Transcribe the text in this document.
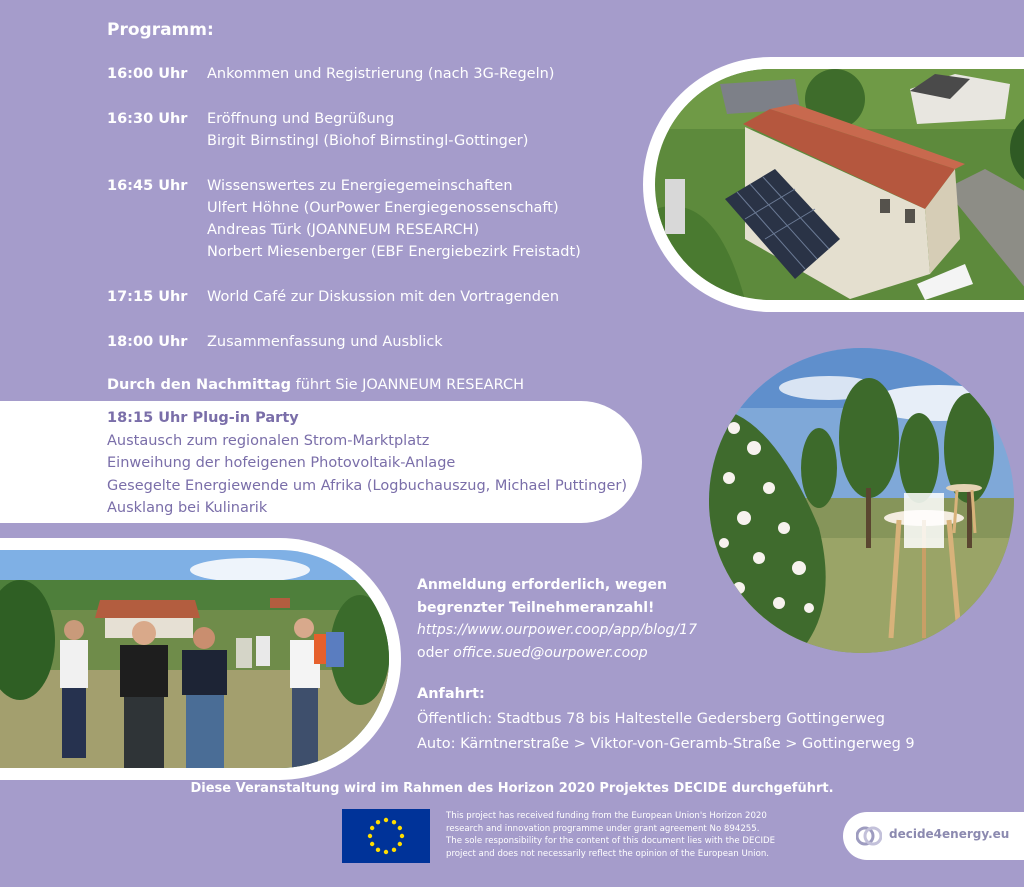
Programm:
16:00 Uhr	Ankommen und Registrierung (nach 3G-Regeln)
16:30 Uhr	Eröffnung und Begrüßung
Birgit Birnstingl (Biohof Birnstingl-Gottinger)
16:45 Uhr	Wissenswertes zu Energiegemeinschaften
Ulfert Höhne (OurPower Energiegenossenschaft)
Andreas Türk (JOANNEUM RESEARCH)
Norbert Miesenberger (EBF Energiebezirk Freistadt)
17:15 Uhr	World Café zur Diskussion mit den Vortragenden
18:00 Uhr	Zusammenfassung und Ausblick
Durch den Nachmittag führt Sie JOANNEUM RESEARCH
18:15 Uhr Plug-in Party
Austausch zum regionalen Strom-Marktplatz
Einweihung der hofeigenen Photovoltaik-Anlage
Gesegelte Energiewende um Afrika (Logbuchauszug, Michael Puttinger)
Ausklang bei Kulinarik
Anmeldung erforderlich, wegen
begrenzter Teilnehmeranzahl!
https://www.ourpower.coop/app/blog/17
oder office.sued@ourpower.coop
Anfahrt:
Öffentlich: Stadtbus 78 bis Haltestelle Gedersberg Gottingerweg
Auto: Kärntnerstraße > Viktor-von-Geramb-Straße > Gottingerweg 9
Diese Veranstaltung wird im Rahmen des Horizon 2020 Projektes DECIDE durchgeführt.
This project has received funding from the European Union's Horizon 2020
research and innovation programme under grant agreement No 894255.
The sole responsibility for the content of this document lies with the DECIDE
project and does not necessarily reflect the opinion of the European Union.
decide4energy.eu
